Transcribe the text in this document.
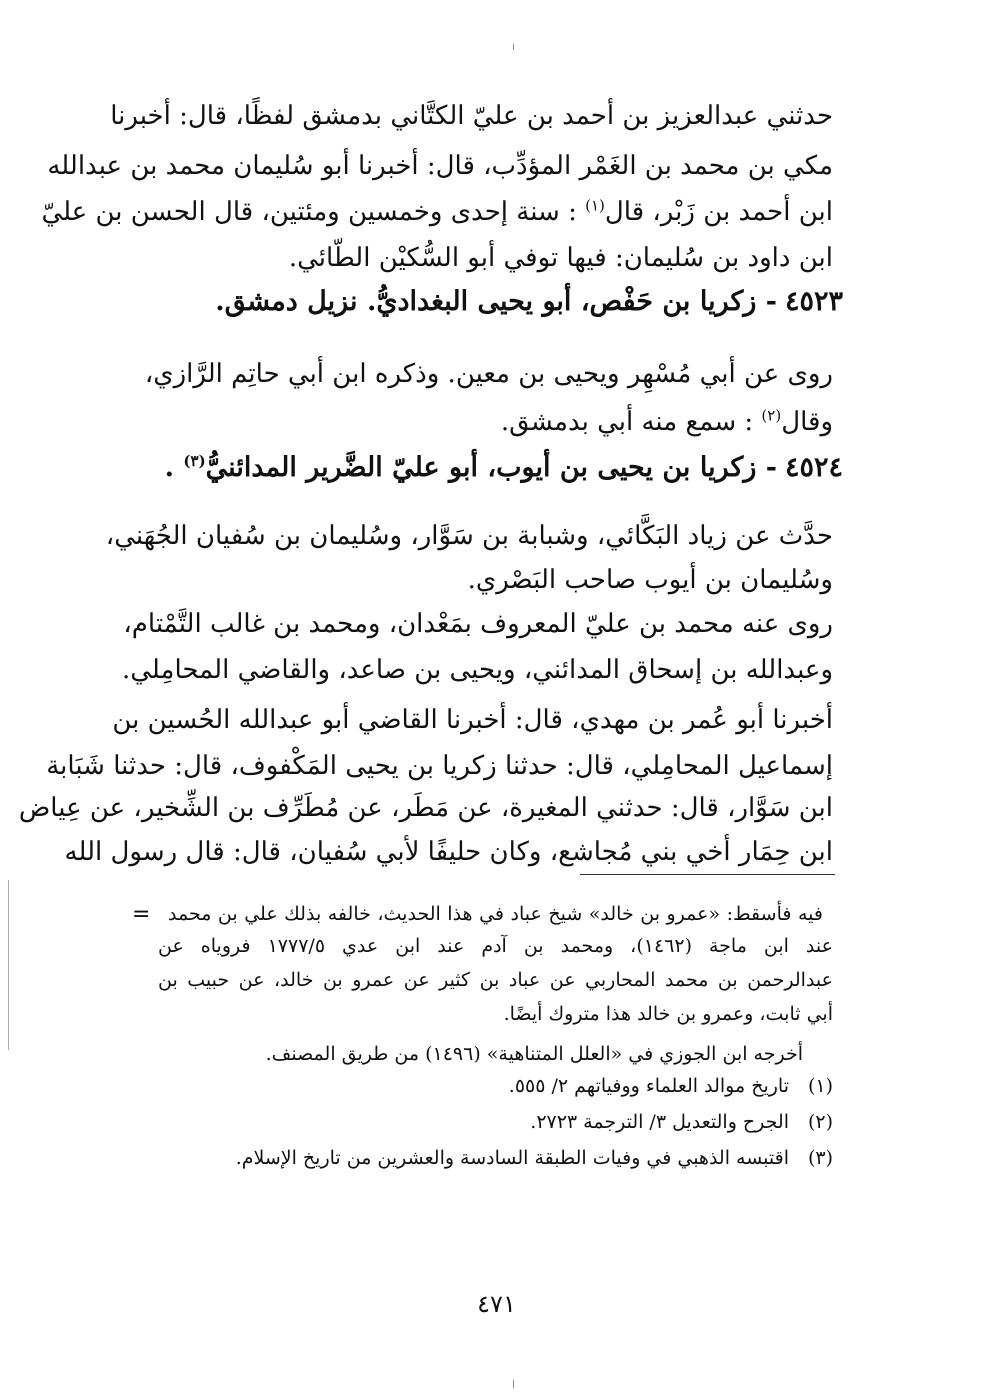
حدثني عبدالعزيز بن أحمد بن عليّ الكتَّاني بدمشق لفظًا، قال: أخبرنا
مكي بن محمد بن الغَمْر المؤدِّب، قال: أخبرنا أبو سُليمان محمد بن عبدالله
ابن أحمد بن زَبْر، قال$^{(١)}$ : سنة إحدى وخمسين ومئتين، قال الحسن بن عليّ
ابن داود بن سُليمان: فيها توفي أبو السُّكيْن الطّائي.
٤٥٢٣- زكريا بن حَفْص، أبو يحيى البغداديُّ. نزيل دمشق.
روى عن أبي مُسْهِر ويحيى بن معين. وذكره ابن أبي حاتِم الرَّازي،
وقال$^{(٢)}$ : سمع منه أبي بدمشق.
٤٥٢٤- زكريا بن يحيى بن أيوب، أبو عليّ الضَّرير المدائنيُّ$^{(٣)}$ .
حدَّث عن زياد البَكَّائي، وشبابة بن سَوَّار، وسُليمان بن سُفيان الجُهَني،
وسُليمان بن أيوب صاحب البَصْري.
روى عنه محمد بن عليّ المعروف بمَعْدان، ومحمد بن غالب التَّمْتام،
وعبدالله بن إسحاق المدائني، ويحيى بن صاعد، والقاضي المحامِلي.
أخبرنا أبو عُمر بن مهدي، قال: أخبرنا القاضي أبو عبدالله الحُسين بن
إسماعيل المحامِلي، قال: حدثنا زكريا بن يحيى المَكْفوف، قال: حدثنا شَبَابة
ابن سَوَّار، قال: حدثني المغيرة، عن مَطَر، عن مُطَرِّف بن الشِّخير، عن عِياض
ابن حِمَار أخي بني مُجاشع، وكان حليفًا لأبي سُفيان، قال: قال رسول الله
= فيه فأسقط: «عمرو بن خالد» شيخ عباد في هذا الحديث، خالفه بذلك علي بن محمد
عند ابن ماجة (١٤٦٢)، ومحمد بن آدم عند ابن عدي ١٧٧٧/٥ فروياه عن
عبدالرحمن بن محمد المحاربي عن عباد بن كثير عن عمرو بن خالد، عن حبيب بن
أبي ثابت، وعمرو بن خالد هذا متروك أيضًا.
أخرجه ابن الجوزي في «العلل المتناهية» (١٤٩٦) من طريق المصنف.
(١)تاريخ موالد العلماء ووفياتهم ٢/ ٥٥٥.
(٢)الجرح والتعديل ٣/ الترجمة ٢٧٢٣.
(٣)اقتبسه الذهبي في وفيات الطبقة السادسة والعشرين من تاريخ الإسلام.
٤٧١
